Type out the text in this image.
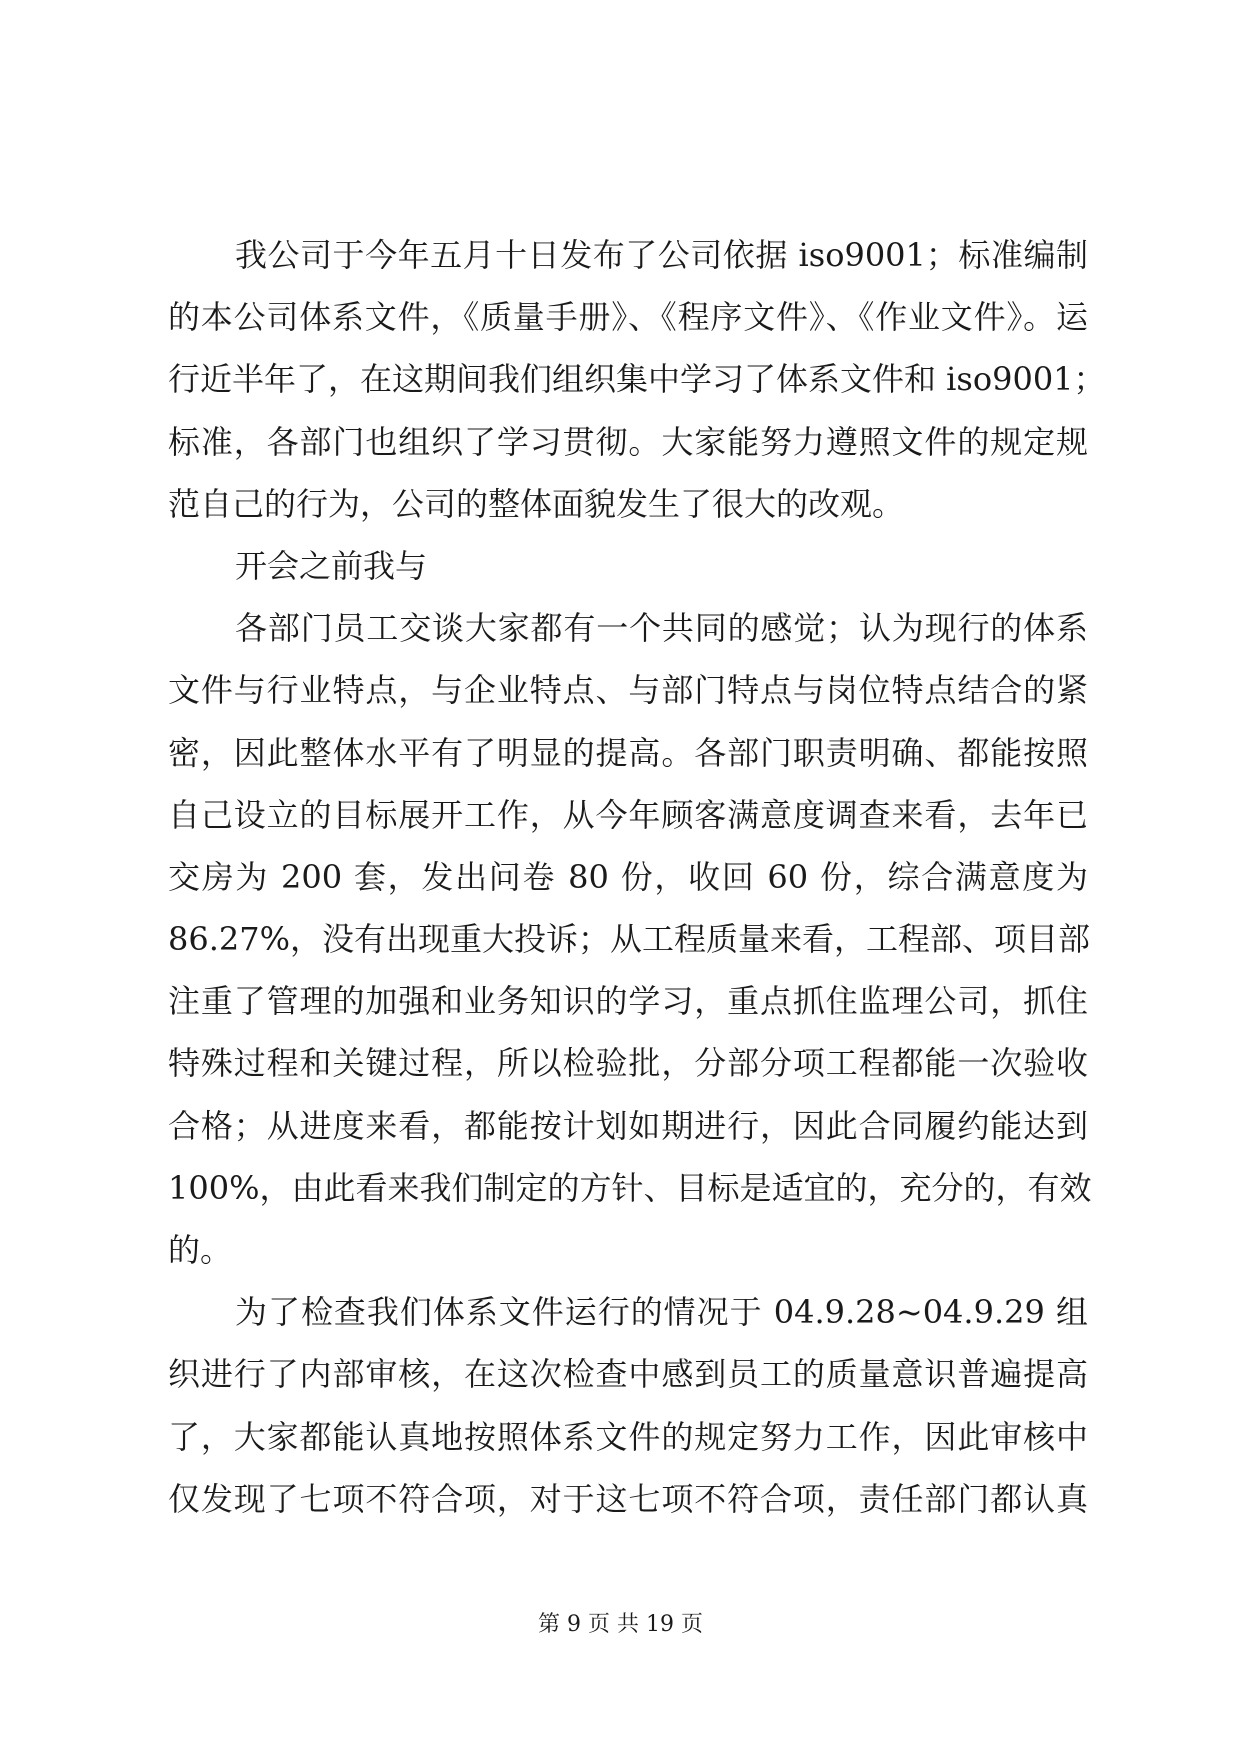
我公司于今年五月十日发布了公司依据 iso9001；标准编制
的本公司体系文件，《质量手册》、《程序文件》、《作业文件》。运
行近半年了，在这期间我们组织集中学习了体系文件和 iso9001；
标准，各部门也组织了学习贯彻。大家能努力遵照文件的规定规
范自己的行为，公司的整体面貌发生了很大的改观。
开会之前我与
各部门员工交谈大家都有一个共同的感觉；认为现行的体系
文件与行业特点，与企业特点、与部门特点与岗位特点结合的紧
密，因此整体水平有了明显的提高。各部门职责明确、都能按照
自己设立的目标展开工作，从今年顾客满意度调查来看，去年已
交房为 200 套，发出问卷 80 份，收回 60 份，综合满意度为
86.27%，没有出现重大投诉；从工程质量来看，工程部、项目部
注重了管理的加强和业务知识的学习，重点抓住监理公司，抓住
特殊过程和关键过程，所以检验批，分部分项工程都能一次验收
合格；从进度来看，都能按计划如期进行，因此合同履约能达到
100%，由此看来我们制定的方针、目标是适宜的，充分的，有效
的。
为了检查我们体系文件运行的情况于 04.9.28~04.9.29 组
织进行了内部审核，在这次检查中感到员工的质量意识普遍提高
了，大家都能认真地按照体系文件的规定努力工作，因此审核中
仅发现了七项不符合项，对于这七项不符合项，责任部门都认真
第 9 页 共 19 页
